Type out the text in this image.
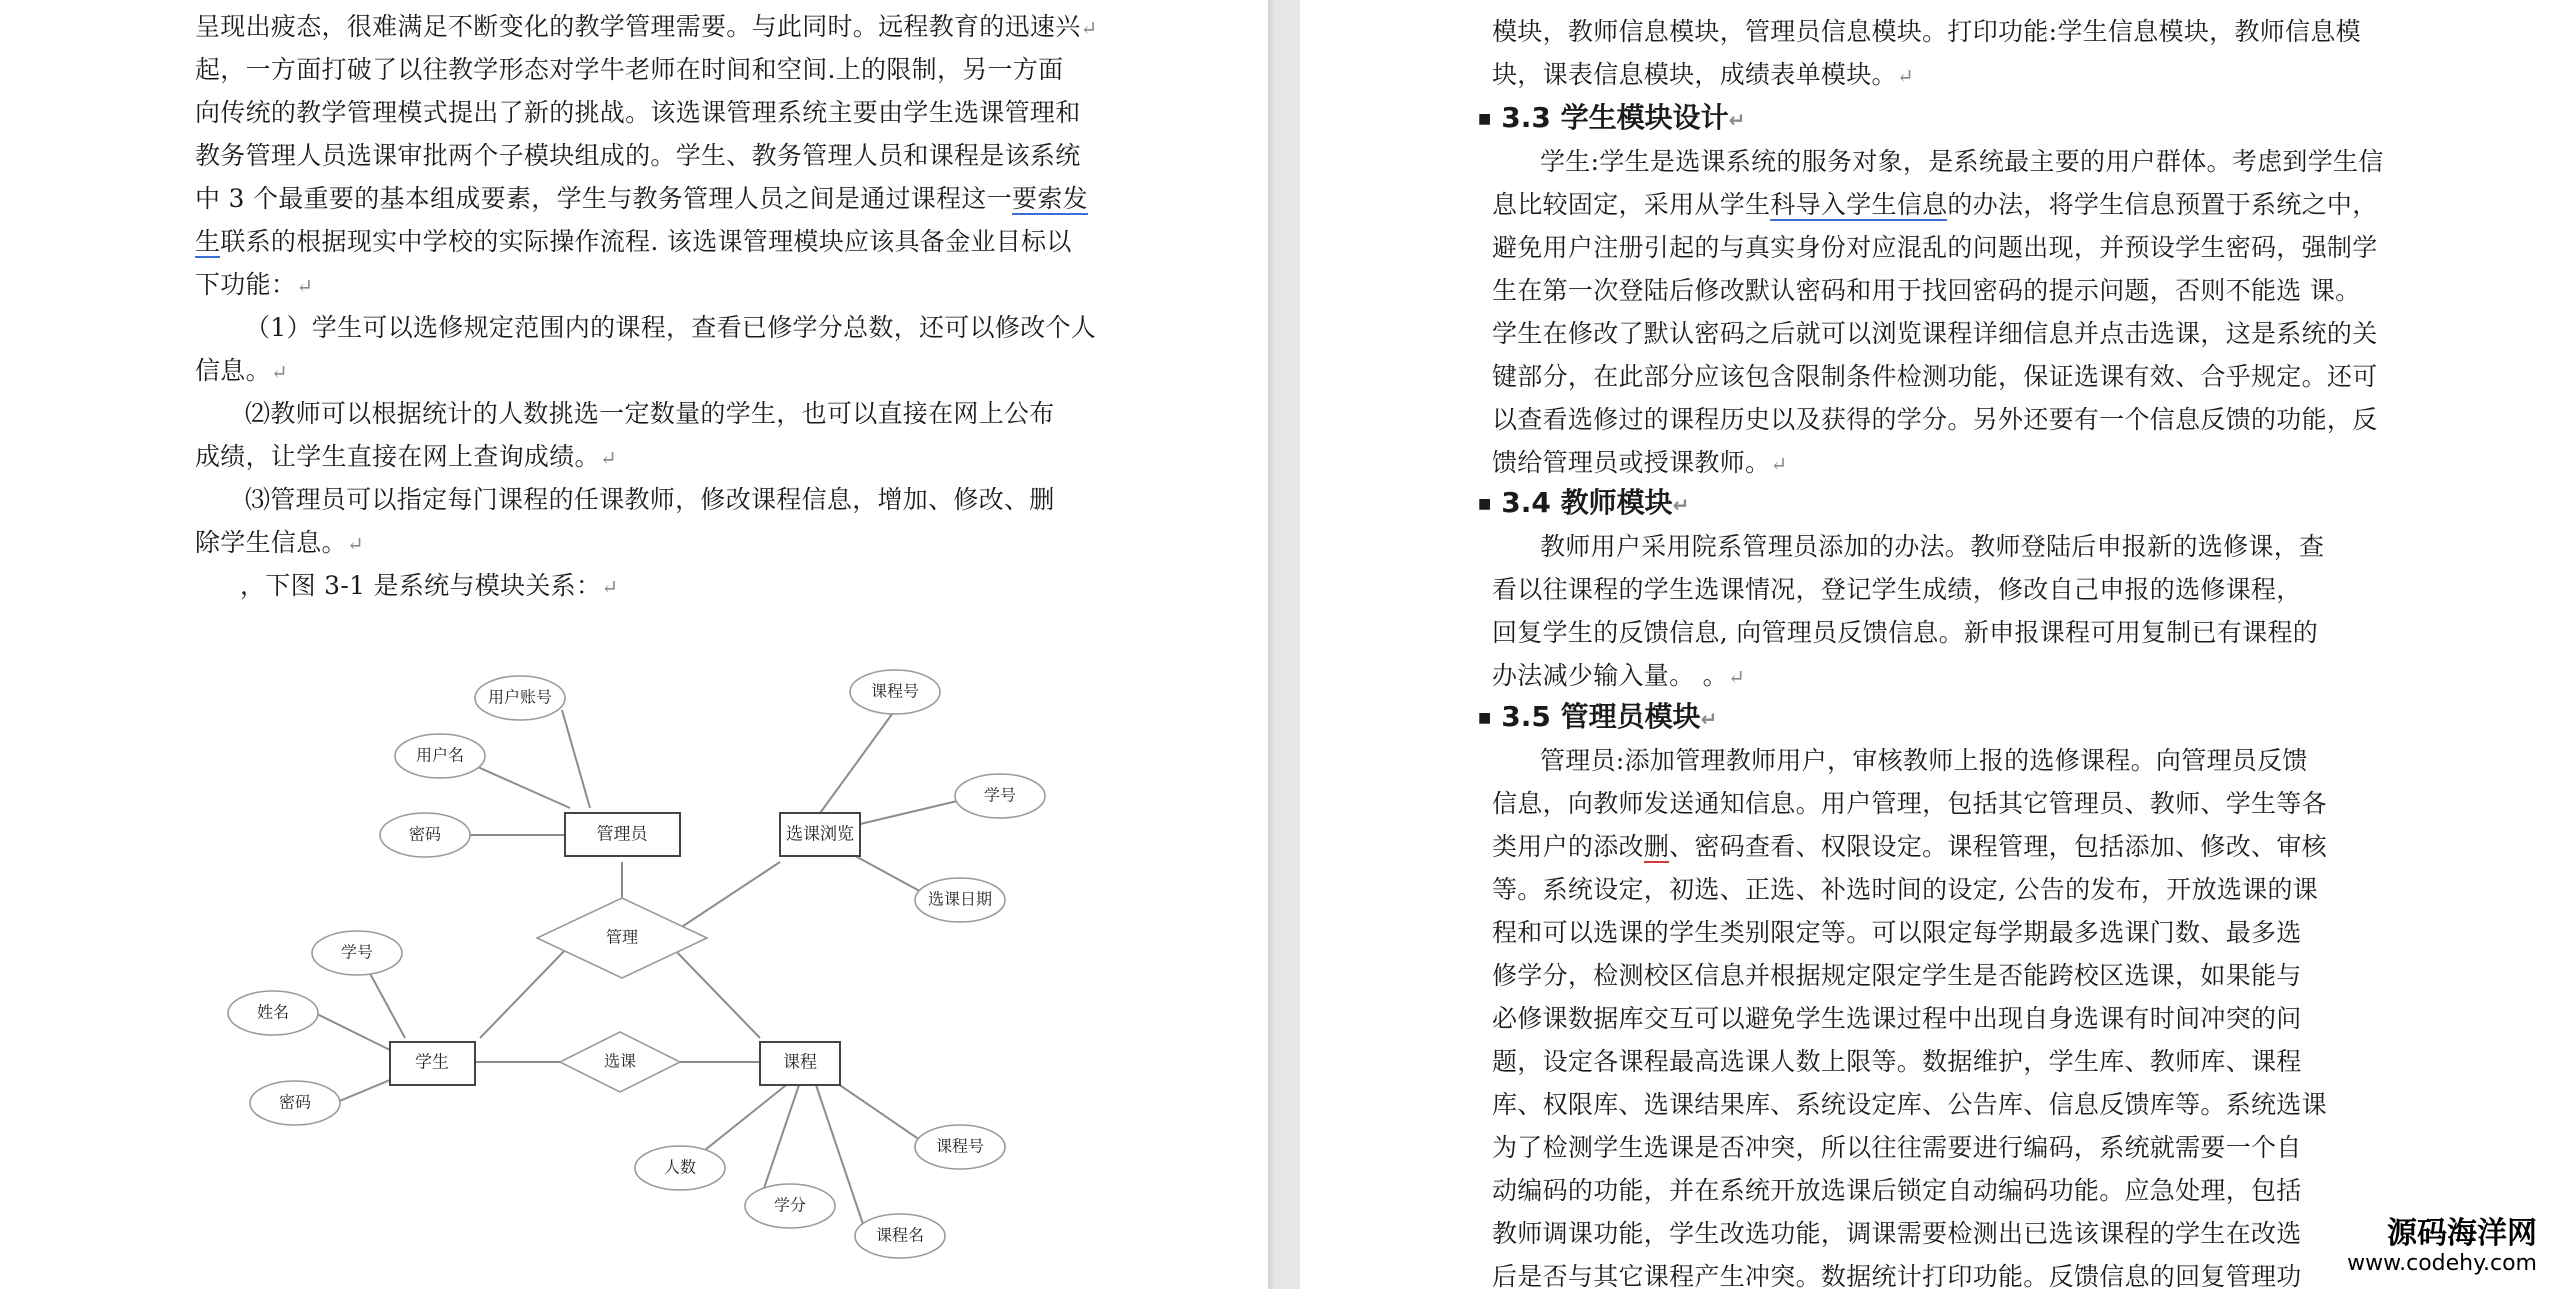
呈现出疲态，很难满足不断变化的教学管理需要。与此同时。远程教育的迅速兴↵
起，一方面打破了以往教学形态对学牛老师在时间和空间.上的限制，另一方面
向传统的教学管理模式提出了新的挑战。该选课管理系统主要由学生选课管理和
教务管理人员选课审批两个子模块组成的。学生、教务管理人员和课程是该系统
中 3 个最重要的基本组成要素，学生与教务管理人员之间是通过课程这一要索发
生联系的根据现实中学校的实际操作流程. 该选课管理模块应该具备金业目标以
下功能：↵
（1）学生可以选修规定范围内的课程，查看已修学分总数，还可以修改个人
信息。↵
⑵教师可以根据统计的人数挑选一定数量的学生，也可以直接在网上公布
成绩，让学生直接在网上查询成绩。↵
⑶管理员可以指定每门课程的任课教师，修改课程信息，增加、修改、删
除学生信息。↵
，下图 3-1 是系统与模块关系：↵
管理员	选课浏览
学生	课程
管理
选课
用户账号
用户名
密码
课程号
学号
选课日期
学号
姓名
密码
人数
学分
课程名
课程号
模块，教师信息模块，管理员信息模块。打印功能:学生信息模块，教师信息模
块，课表信息模块，成绩表单模块。↵
■ 3.3 学生模块设计↵
学生:学生是选课系统的服务对象，是系统最主要的用户群体。考虑到学生信
息比较固定，采用从学生科导入学生信息的办法，将学生信息预置于系统之中，
避免用户注册引起的与真实身份对应混乱的问题出现，并预设学生密码，强制学
生在第一次登陆后修改默认密码和用于找回密码的提示问题，否则不能选 课。
学生在修改了默认密码之后就可以浏览课程详细信息并点击选课，这是系统的关
键部分，在此部分应该包含限制条件检测功能，保证选课有效、合乎规定。还可
以查看选修过的课程历史以及获得的学分。另外还要有一个信息反馈的功能，反
馈给管理员或授课教师。↵
■ 3.4 教师模块↵
教师用户采用院系管理员添加的办法。教师登陆后申报新的选修课，查
看以往课程的学生选课情况，登记学生成绩，修改自己申报的选修课程，
回复学生的反馈信息, 向管理员反馈信息。新申报课程可用复制已有课程的
办法减少输入量。 。↵
■ 3.5 管理员模块↵
管理员:添加管理教师用户，审核教师上报的选修课程。向管理员反馈
信息，向教师发送通知信息。用户管理，包括其它管理员、教师、学生等各
类用户的添改删、密码查看、权限设定。课程管理，包括添加、修改、审核
等。系统设定，初选、正选、补选时间的设定, 公告的发布，开放选课的课
程和可以选课的学生类别限定等。可以限定每学期最多选课门数、最多选
修学分，检测校区信息并根据规定限定学生是否能跨校区选课，如果能与
必修课数据库交互可以避免学生选课过程中出现自身选课有时间冲突的问
题，设定各课程最高选课人数上限等。数据维护，学生库、教师库、课程
库、权限库、选课结果库、系统设定库、公告库、信息反馈库等。系统选课
为了检测学生选课是否冲突，所以往往需要进行编码，系统就需要一个自
动编码的功能，并在系统开放选课后锁定自动编码功能。应急处理，包括
教师调课功能，学生改选功能，调课需要检测出已选该课程的学生在改选
后是否与其它课程产生冲突。数据统计打印功能。反馈信息的回复管理功
源码海洋网
www.codehy.com
